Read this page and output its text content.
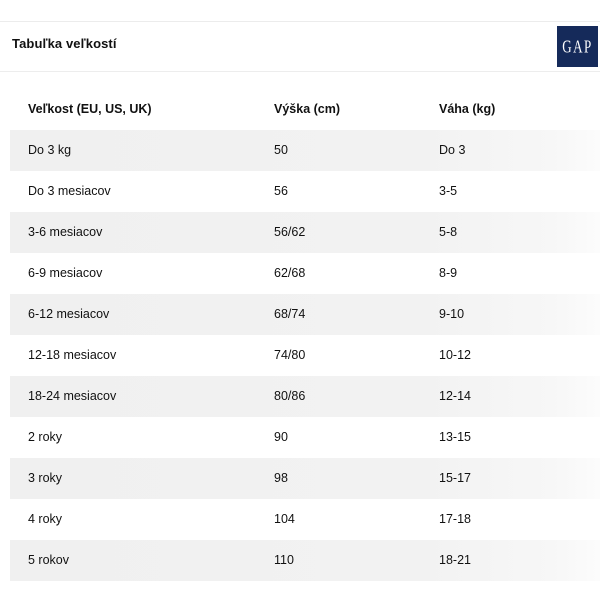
Tabuľka veľkostí	GAP
Veľkost (EU, US, UK)	Výška (cm)	Váha (kg)
Do 3 kg	50	Do 3
Do 3 mesiacov	56	3-5
3-6 mesiacov	56/62	5-8
6-9 mesiacov	62/68	8-9
6-12 mesiacov	68/74	9-10
12-18 mesiacov	74/80	10-12
18-24 mesiacov	80/86	12-14
2 roky	90	13-15
3 roky	98	15-17
4 roky	104	17-18
5 rokov	110	18-21
